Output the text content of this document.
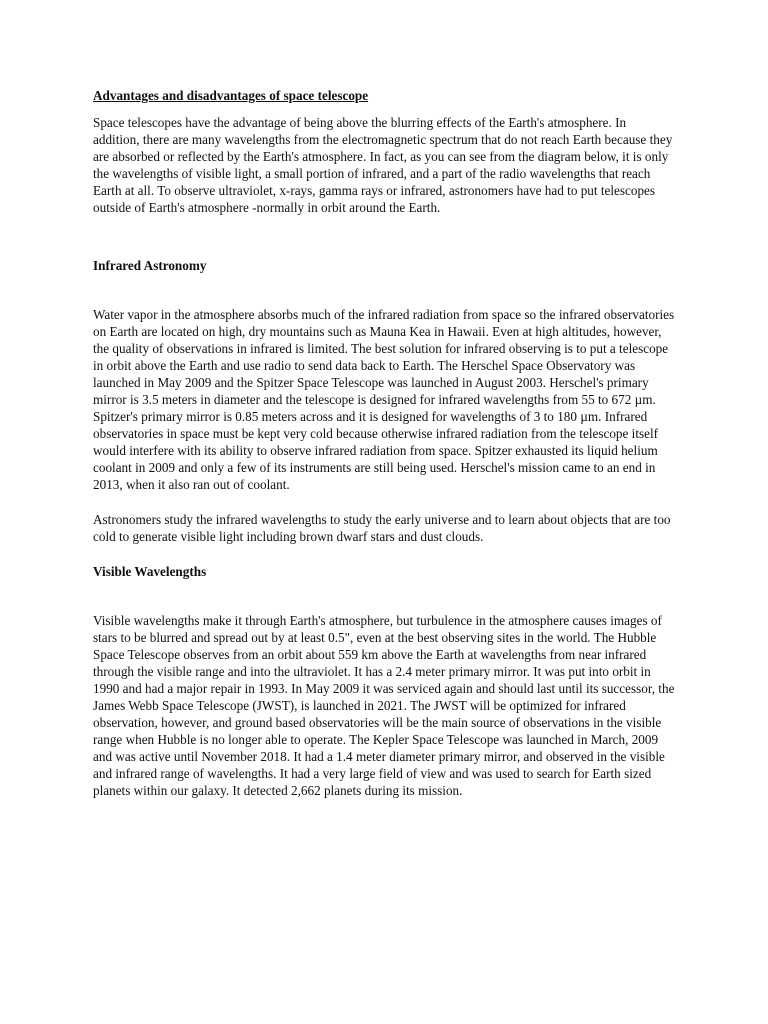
Advantages and disadvantages of space telescope

Space telescopes have the advantage of being above the blurring effects of the Earth's atmosphere. In addition, there are many wavelengths from the electromagnetic spectrum that do not reach Earth because they are absorbed or reflected by the Earth's atmosphere. In fact, as you can see from the diagram below, it is only the wavelengths of visible light, a small portion of infrared, and a part of the radio wavelengths that reach Earth at all. To observe ultraviolet, x-rays, gamma rays or infrared, astronomers have had to put telescopes outside of Earth's atmosphere -normally in orbit around the Earth.

Infrared Astronomy

Water vapor in the atmosphere absorbs much of the infrared radiation from space so the infrared observatories on Earth are located on high, dry mountains such as Mauna Kea in Hawaii. Even at high altitudes, however, the quality of observations in infrared is limited. The best solution for infrared observing is to put a telescope in orbit above the Earth and use radio to send data back to Earth. The Herschel Space Observatory was launched in May 2009 and the Spitzer Space Telescope was launched in August 2003. Herschel's primary mirror is 3.5 meters in diameter and the telescope is designed for infrared wavelengths from 55 to 672 µm. Spitzer's primary mirror is 0.85 meters across and it is designed for wavelengths of 3 to 180 µm. Infrared observatories in space must be kept very cold because otherwise infrared radiation from the telescope itself would interfere with its ability to observe infrared radiation from space. Spitzer exhausted its liquid helium coolant in 2009 and only a few of its instruments are still being used. Herschel's mission came to an end in 2013, when it also ran out of coolant.

Astronomers study the infrared wavelengths to study the early universe and to learn about objects that are too cold to generate visible light including brown dwarf stars and dust clouds.

Visible Wavelengths

Visible wavelengths make it through Earth's atmosphere, but turbulence in the atmosphere causes images of stars to be blurred and spread out by at least 0.5", even at the best observing sites in the world. The Hubble Space Telescope observes from an orbit about 559 km above the Earth at wavelengths from near infrared through the visible range and into the ultraviolet. It has a 2.4 meter primary mirror. It was put into orbit in 1990 and had a major repair in 1993. In May 2009 it was serviced again and should last until its successor, the James Webb Space Telescope (JWST), is launched in 2021. The JWST will be optimized for infrared observation, however, and ground based observatories will be the main source of observations in the visible range when Hubble is no longer able to operate. The Kepler Space Telescope was launched in March, 2009 and was active until November 2018. It had a 1.4 meter diameter primary mirror, and observed in the visible and infrared range of wavelengths. It had a very large field of view and was used to search for Earth sized planets within our galaxy. It detected 2,662 planets during its mission.
